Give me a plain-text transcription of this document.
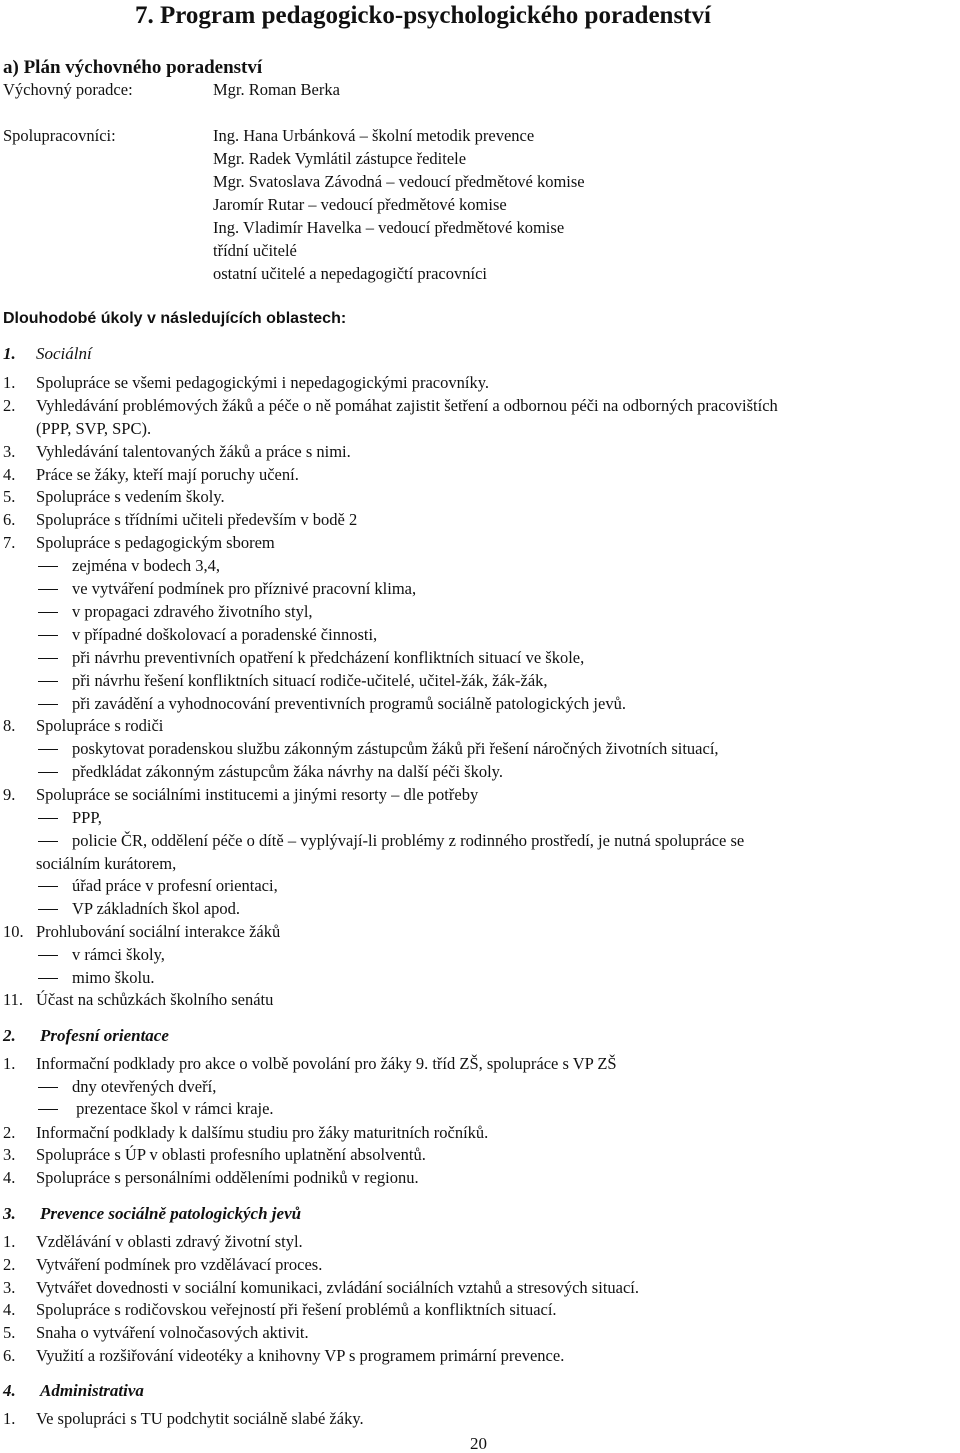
7. Program pedagogicko-psychologického poradenství
a) Plán výchovného poradenství
Výchovný poradce:	Mgr. Roman Berka
Spolupracovníci:	Ing. Hana Urbánková – školní metodik prevence
Mgr. Radek Vymlátil zástupce ředitele
Mgr. Svatoslava Závodná – vedoucí předmětové komise
Jaromír Rutar – vedoucí předmětové komise
Ing. Vladimír Havelka – vedoucí předmětové komise
třídní učitelé
ostatní učitelé a nepedagogičtí pracovníci
Dlouhodobé úkoly v následujících oblastech:
1. Sociální
1. Spolupráce se všemi pedagogickými i nepedagogickými pracovníky.
2. Vyhledávání problémových žáků a péče o ně pomáhat zajistit šetření a odbornou péči na odborných pracovištích
(PPP, SVP, SPC).
3. Vyhledávání talentovaných žáků a práce s nimi.
4. Práce se žáky, kteří mají poruchy učení.
5. Spolupráce s vedením školy.
6. Spolupráce s třídními učiteli především v bodě 2
7. Spolupráce s pedagogickým sborem
zejména v bodech 3,4,
ve vytváření podmínek pro příznivé pracovní klima,
v propagaci zdravého životního styl,
v případné doškolovací a poradenské činnosti,
při návrhu preventivních opatření k předcházení konfliktních situací ve škole,
při návrhu řešení konfliktních situací rodiče-učitelé, učitel-žák, žák-žák,
při zavádění a vyhodnocování preventivních programů sociálně patologických jevů.
8. Spolupráce s rodiči
poskytovat poradenskou službu zákonným zástupcům žáků při řešení náročných životních situací,
předkládat zákonným zástupcům žáka návrhy na další péči školy.
9. Spolupráce se sociálními institucemi a jinými resorty – dle potřeby
PPP,
policie ČR, oddělení péče o dítě – vyplývají-li problémy z rodinného prostředí, je nutná spolupráce se
sociálním kurátorem,
úřad práce v profesní orientaci,
VP základních škol apod.
10. Prohlubování sociální interakce žáků
v rámci školy,
mimo školu.
11. Účast na schůzkách školního senátu
2. Profesní orientace
1. Informační podklady pro akce o volbě povolání pro žáky 9. tříd ZŠ, spolupráce s VP ZŠ
dny otevřených dveří,
prezentace škol v rámci kraje.
2. Informační podklady k dalšímu studiu pro žáky maturitních ročníků.
3. Spolupráce s ÚP v oblasti profesního uplatnění absolventů.
4. Spolupráce s personálními odděleními podniků v regionu.
3. Prevence sociálně patologických jevů
1. Vzdělávání v oblasti zdravý životní styl.
2. Vytváření podmínek pro vzdělávací proces.
3. Vytvářet dovednosti v sociální komunikaci, zvládání sociálních vztahů a stresových situací.
4. Spolupráce s rodičovskou veřejností při řešení problémů a konfliktních situací.
5. Snaha o vytváření volnočasových aktivit.
6. Využití a rozšiřování videotéky a knihovny VP s programem primární prevence.
4. Administrativa
1. Ve spolupráci s TU podchytit sociálně slabé žáky.
20
